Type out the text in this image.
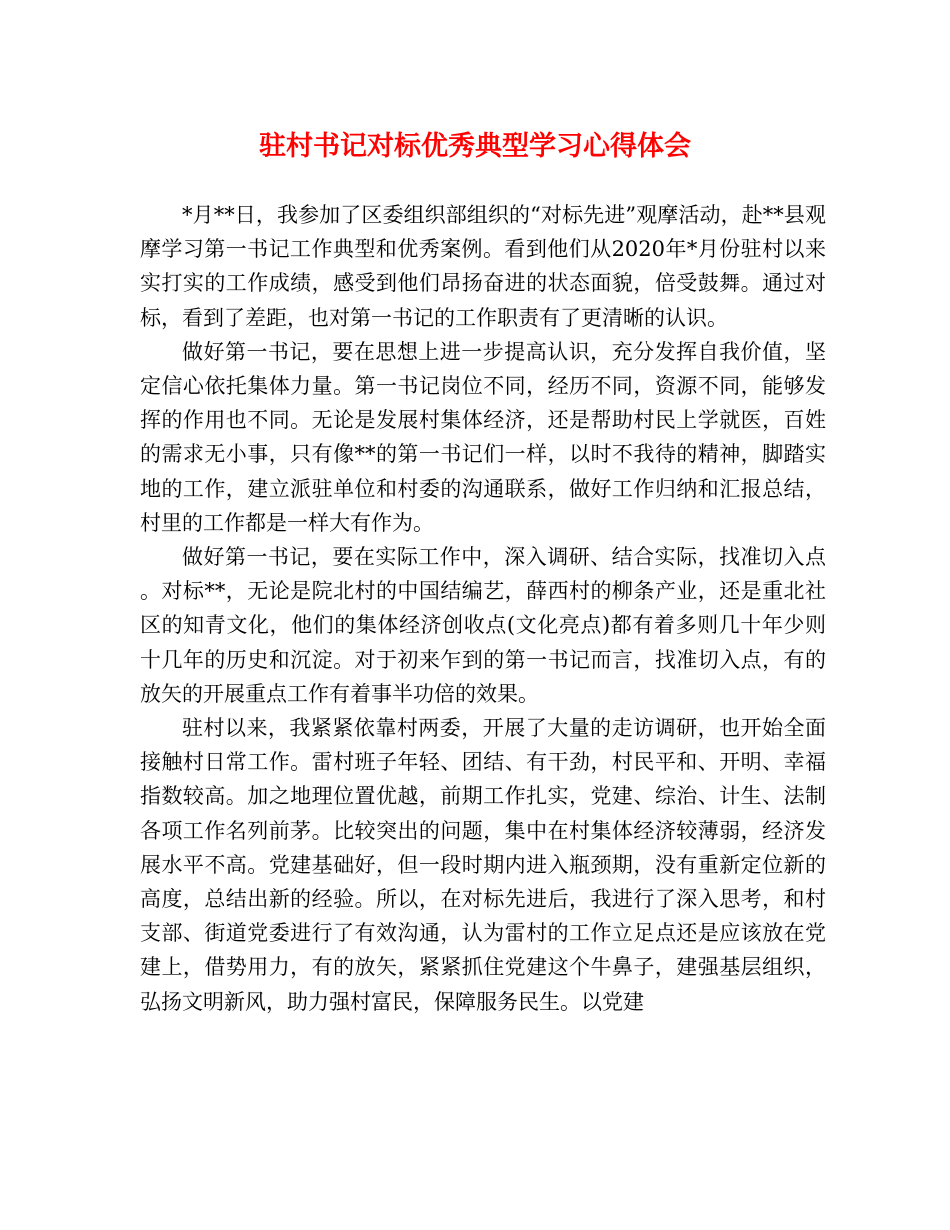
驻村书记对标优秀典型学习心得体会

*月**日，我参加了区委组织部组织的“对标先进”观摩活动，赴**县观摩学习第一书记工作典型和优秀案例。看到他们从2020年*月份驻村以来实打实的工作成绩，感受到他们昂扬奋进的状态面貌，倍受鼓舞。通过对标，看到了差距，也对第一书记的工作职责有了更清晰的认识。

做好第一书记，要在思想上进一步提高认识，充分发挥自我价值，坚定信心依托集体力量。第一书记岗位不同，经历不同，资源不同，能够发挥的作用也不同。无论是发展村集体经济，还是帮助村民上学就医，百姓的需求无小事，只有像**的第一书记们一样，以时不我待的精神，脚踏实地的工作，建立派驻单位和村委的沟通联系，做好工作归纳和汇报总结，村里的工作都是一样大有作为。

做好第一书记，要在实际工作中，深入调研、结合实际，找准切入点。对标**，无论是院北村的中国结编艺，薛西村的柳条产业，还是重北社区的知青文化，他们的集体经济创收点(文化亮点)都有着多则几十年少则十几年的历史和沉淀。对于初来乍到的第一书记而言，找准切入点，有的放矢的开展重点工作有着事半功倍的效果。

驻村以来，我紧紧依靠村两委，开展了大量的走访调研，也开始全面接触村日常工作。雷村班子年轻、团结、有干劲，村民平和、开明、幸福指数较高。加之地理位置优越，前期工作扎实，党建、综治、计生、法制各项工作名列前茅。比较突出的问题，集中在村集体经济较薄弱，经济发展水平不高。党建基础好，但一段时期内进入瓶颈期，没有重新定位新的高度，总结出新的经验。所以，在对标先进后，我进行了深入思考，和村支部、街道党委进行了有效沟通，认为雷村的工作立足点还是应该放在党建上，借势用力，有的放矢，紧紧抓住党建这个牛鼻子，建强基层组织，弘扬文明新风，助力强村富民，保障服务民生。以党建
